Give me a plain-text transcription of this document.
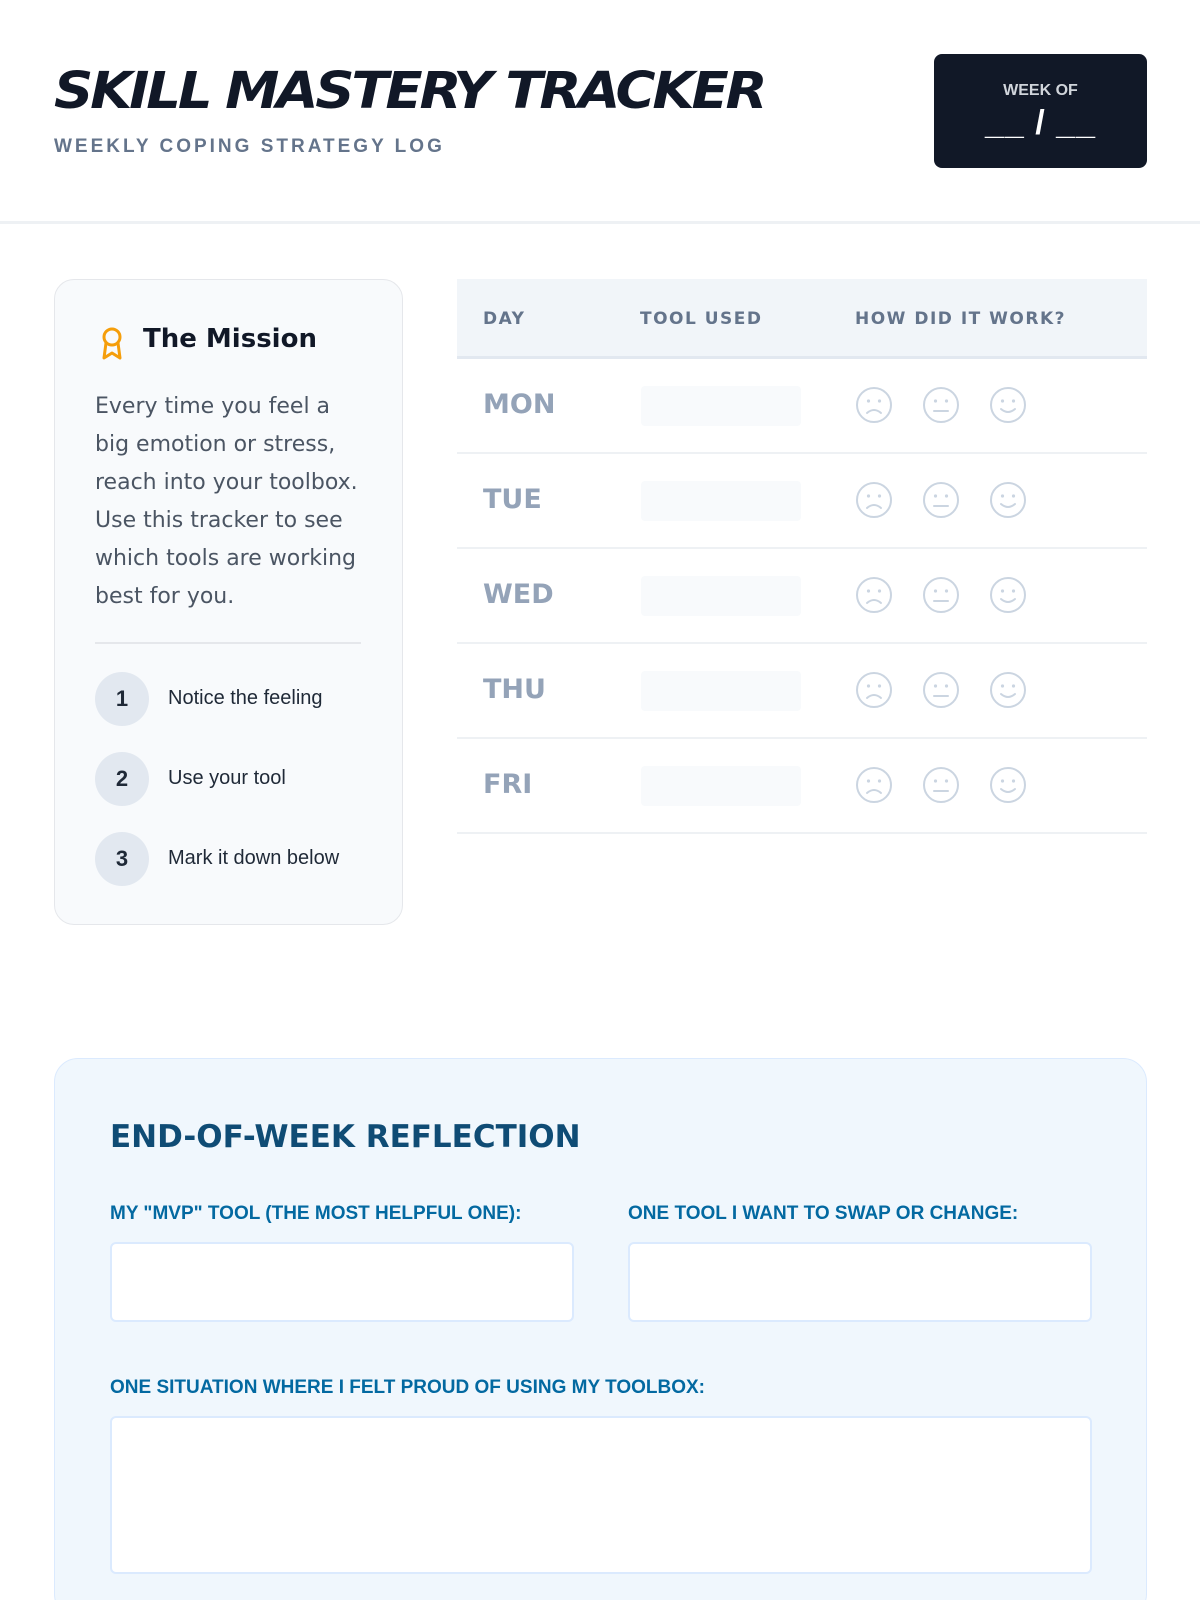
SKILL MASTERY TRACKER
WEEKLY COPING STRATEGY LOG
WEEK OF
__ / __
The Mission
Every time you feel a big emotion or stress, reach into your toolbox. Use this tracker to see which tools are working best for you.
1	Notice the feeling
2	Use your tool
3	Mark it down below
DAY	TOOL USED	HOW DID IT WORK?
MON
TUE
WED
THU
FRI
END-OF-WEEK REFLECTION
MY "MVP" TOOL (THE MOST HELPFUL ONE):	ONE TOOL I WANT TO SWAP OR CHANGE:
ONE SITUATION WHERE I FELT PROUD OF USING MY TOOLBOX:
